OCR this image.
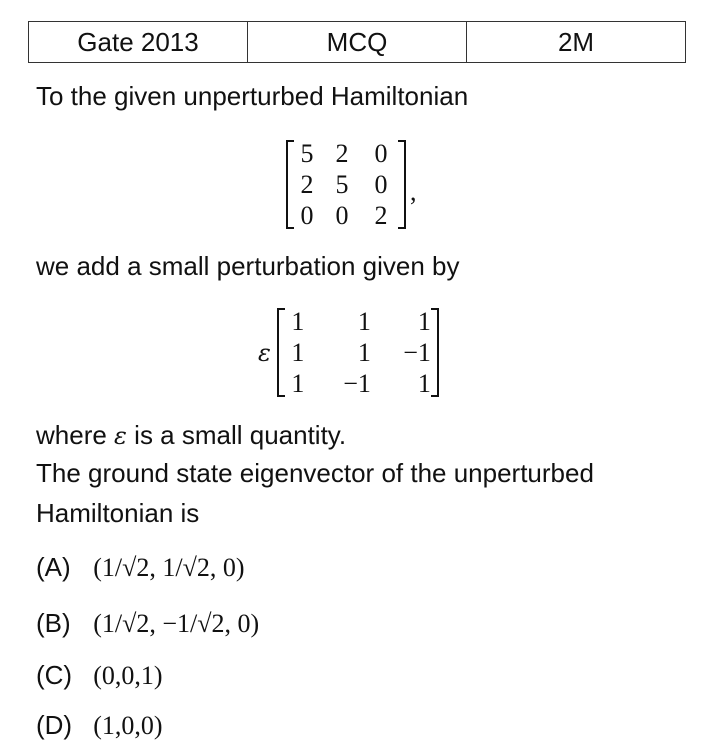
Gate 2013	MCQ	2M
To the given unperturbed Hamiltonian
5 2	0
2 5	0
0 0	2
,
we add a small perturbation given by
ε
1	1	1
1	1	−1
1	−1	1
where ε is a small quantity.
The ground state eigenvector of the unperturbed
Hamiltonian is
(A) (1/√2, 1/√2, 0)
(B) (1/√2, −1/√2, 0)
(C) (0,0,1)
(D) (1,0,0)
